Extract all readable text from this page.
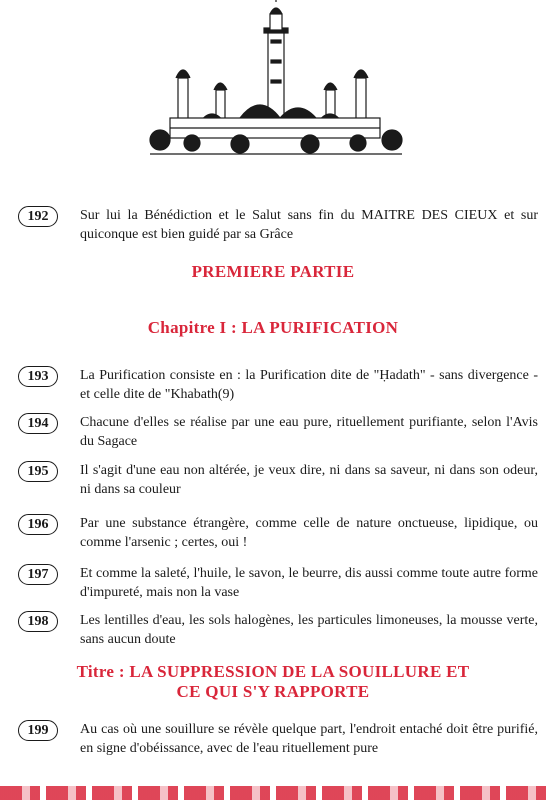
192	Sur lui la Bénédiction et le Salut sans fin du MAITRE DES CIEUX et sur quiconque est bien guidé par sa Grâce
PREMIERE PARTIE
Chapitre I : LA PURIFICATION
193	La Purification consiste en : la Purification dite de "Ḥadath" - sans divergence - et celle dite de "Khabath(9)
194	Chacune d'elles se réalise par une eau pure, rituellement purifiante, selon l'Avis du Sagace
195	Il s'agit d'une eau non altérée, je veux dire, ni dans sa saveur, ni dans son odeur, ni dans sa couleur
196	Par une substance étrangère, comme celle de nature onctueuse, lipidique, ou comme l'arsenic ; certes, oui !
197	Et comme la saleté, l'huile, le savon, le beurre, dis aussi comme toute autre forme d'impureté, mais non la vase
198	Les lentilles d'eau, les sols halogènes, les particules limoneuses, la mousse verte, sans aucun doute
Titre : LA SUPPRESSION DE LA SOUILLURE ET
CE QUI S'Y RAPPORTE
199	Au cas où une souillure se révèle quelque part, l'endroit entaché doit être purifié, en signe d'obéissance, avec de l'eau rituellement pure
